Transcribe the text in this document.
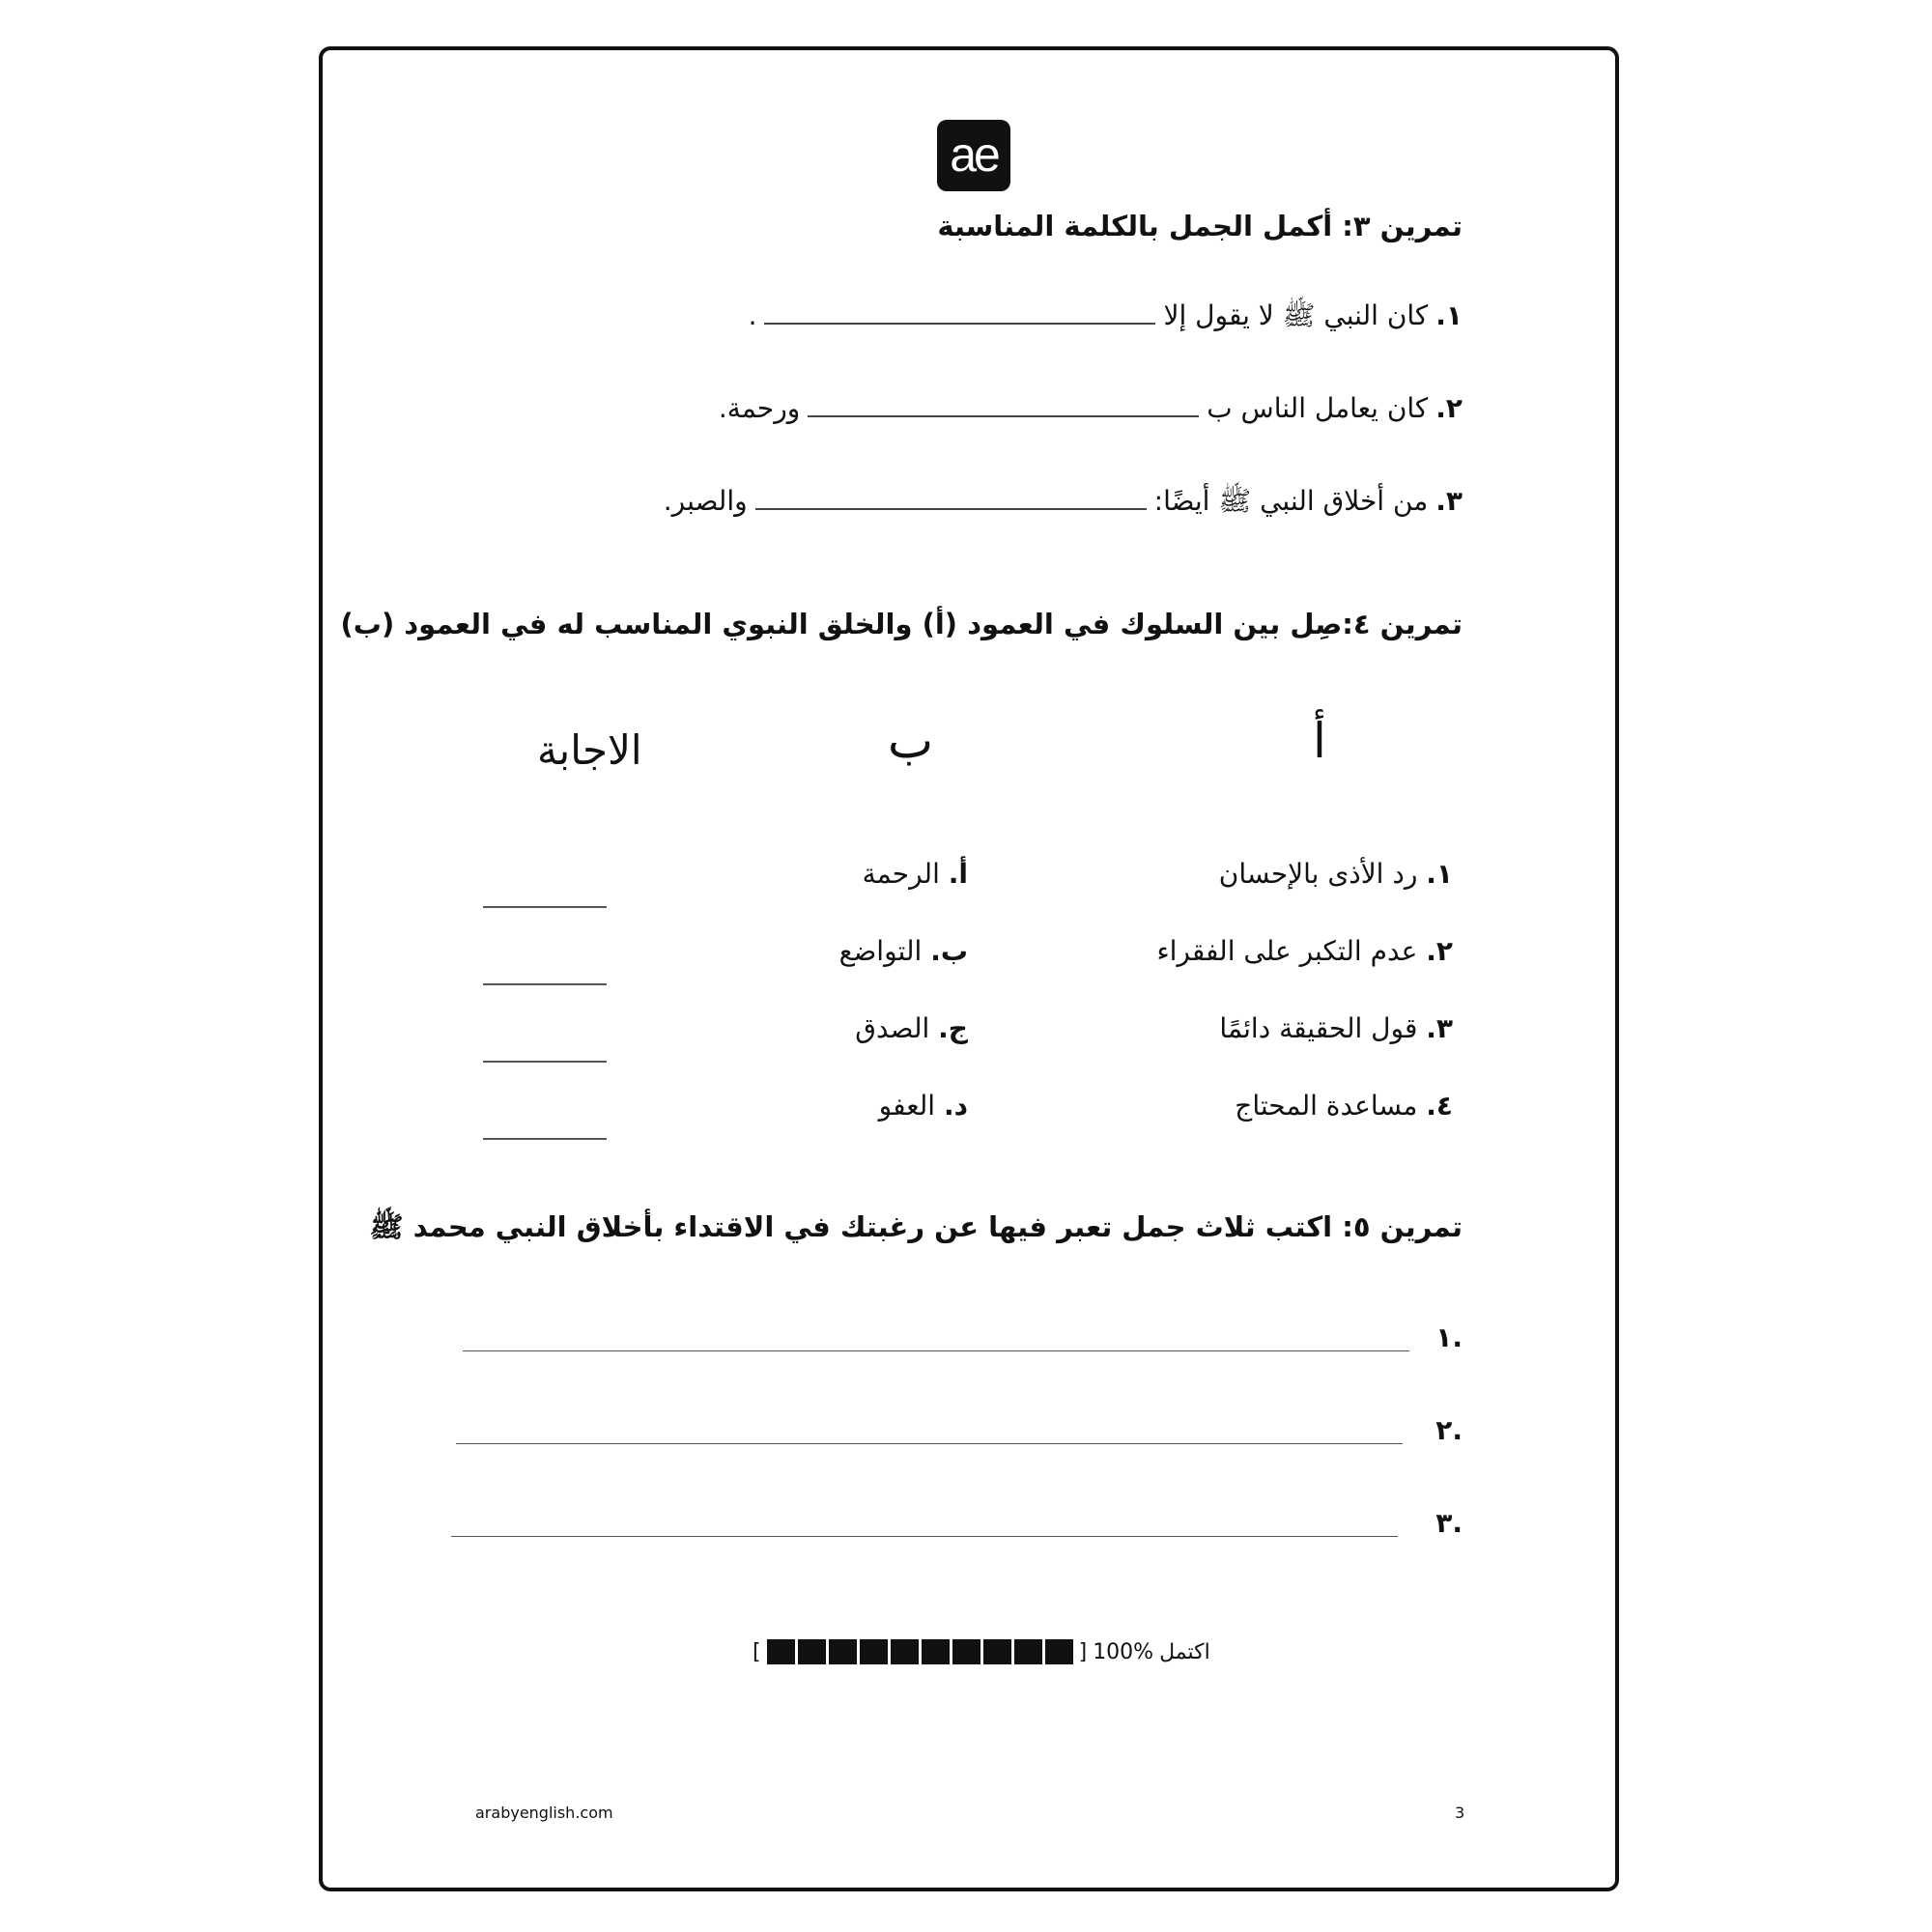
ae
تمرين ٣: أكمل الجمل بالكلمة المناسبة
١.
كان النبي ﷺ لا يقول إلا
.
٢.
كان يعامل الناس ب
ورحمة.
٣.
من أخلاق النبي ﷺ أيضًا:
والصبر.
تمرين ٤:صِل بين السلوك في العمود (أ) والخلق النبوي المناسب له في العمود (ب)
أ
ب
الاجابة
١. رد الأذى بالإحسان
أ. الرحمة
٢. عدم التكبر على الفقراء
ب. التواضع
٣. قول الحقيقة دائمًا
ج. الصدق
٤. مساعدة المحتاج
د. العفو
تمرين ٥: اكتب ثلاث جمل تعبر فيها عن رغبتك في الاقتداء بأخلاق النبي محمد ﷺ
١.
٢.
٣.
[	] 100% اكتمل
arabyenglish.com	3
